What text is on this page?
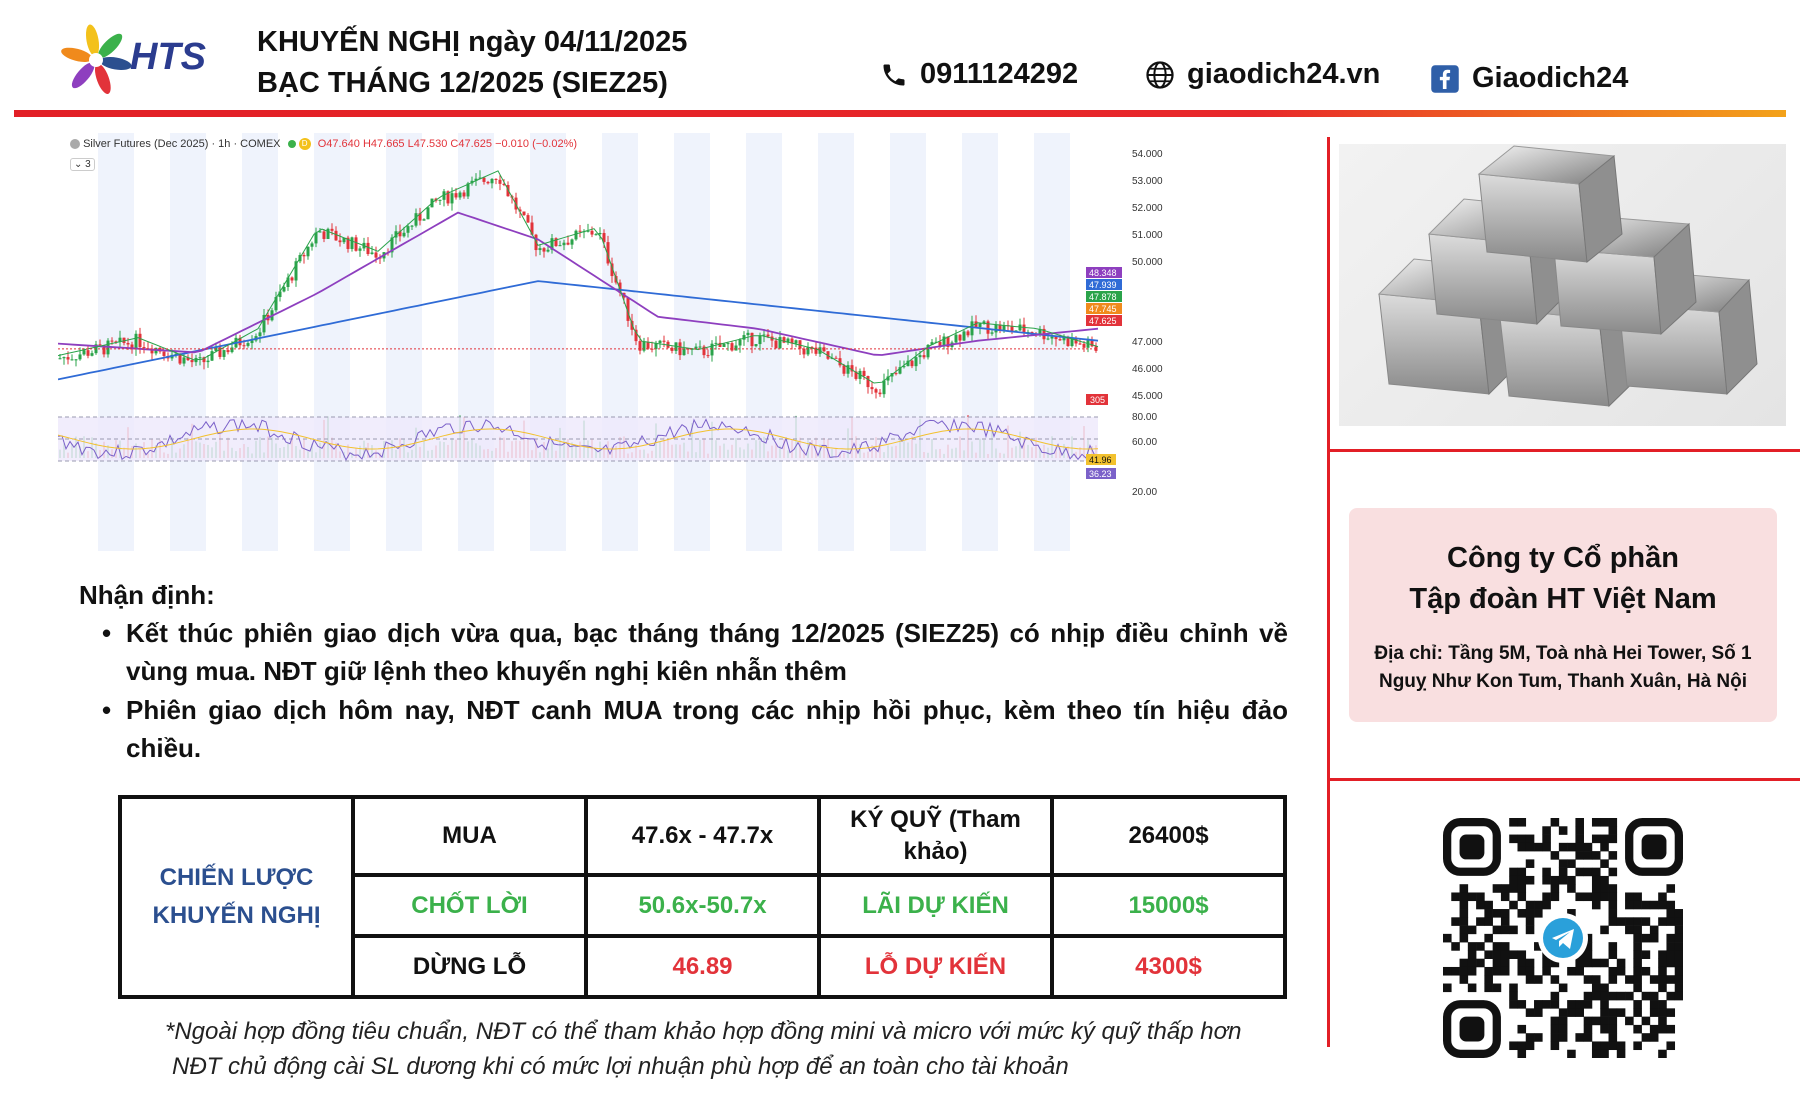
HTS KHUYẾN NGHỊ ngày 04/11/2025
BẠC THÁNG 12/2025 (SIEZ25)	0911124292	giaodich24.vn	Giaodich24
54.000
53.000
52.000
51.000
50.000
47.000
46.000
45.000
48.348
47.939
47.878
47.745
47.625
305
80.00
60.00
20.00
41.96
36.23
Silver Futures (Dec 2025) · 1h · COMEX	D O47.640 H47.665 L47.530 C47.625 −0.010 (−0.02%)
⌄ 3
Công ty Cổ phần
Tập đoàn HT Việt Nam
Địa chỉ: Tầng 5M, Toà nhà Hei Tower, Số 1
Nguỵ Như Kon Tum, Thanh Xuân, Hà Nội
Nhận định:
• Kết thúc phiên giao dịch vừa qua, bạc tháng tháng 12/2025 (SIEZ25) có nhịp điều chỉnh về vùng mua. NĐT giữ lệnh theo khuyến nghị kiên nhẫn thêm
• Phiên giao dịch hôm nay, NĐT canh MUA trong các nhịp hồi phục, kèm theo tín hiệu đảo chiều.
CHIẾN LƯỢC KHUYẾN NGHỊ	MUA	47.6x - 47.7x	KÝ QUỸ (Tham khảo)	26400$
	CHỐT LỜI	50.6x-50.7x	LÃI DỰ KIẾN	15000$
	DỪNG LỖ	46.89	LỖ DỰ KIẾN	4300$
*Ngoài hợp đồng tiêu chuẩn, NĐT có thể tham khảo hợp đồng mini và micro với mức ký quỹ thấp hơn
NĐT chủ động cài SL dương khi có mức lợi nhuận phù hợp để an toàn cho tài khoản
